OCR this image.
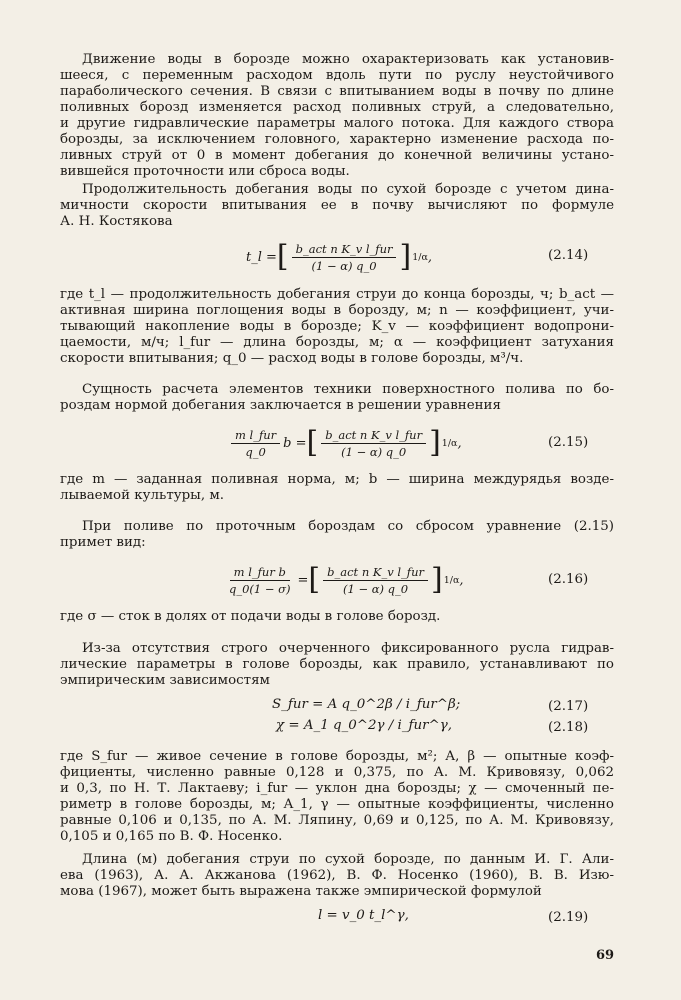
Движение воды в борозде можно охарактеризовать как установив-
шееся, с переменным расходом вдоль пути по руслу неустойчивого
параболического сечения. В связи с впитыванием воды в почву по длине
поливных борозд изменяется расход поливных струй, а следовательно,
и другие гидравлические параметры малого потока. Для каждого створа
борозды, за исключением головного, характерно изменение расхода по-
ливных струй от 0 в момент добегания до конечной величины устано-
вившейся проточности или сброса воды.
Продолжительность добегания воды по сухой борозде с учетом дина-
мичности скорости впитывания ее в почву вычисляют по формуле
А. Н. Костякова
t_l = [ $\frac{\text{b\_act n K\_v l\_fur}}{(1 - \alpha) q\_0}$ ] 1/α ,	(2.14)
где t_l — продолжительность добегания струи до конца борозды, ч; b_act —
активная ширина поглощения воды в борозду, м; n — коэффициент, учи-
тывающий накопление воды в борозде; K_v — коэффициент водопрони-
цаемости, м/ч; l_fur — длина борозды, м; α — коэффициент затухания
скорости впитывания; q_0 — расход воды в голове борозды, м³/ч.
Сущность расчета элементов техники поверхностного полива по бо-
роздам нормой добегания заключается в решении уравнения
$\frac{\text{m l\_fur}}{q\_0}$ b = [ $\frac{\text{b\_act n K\_v l\_fur}}{(1 - \alpha) q\_0}$ ] 1/α ,	(2.15)
где m — заданная поливная норма, м; b — ширина междурядья возде-
лываемой культуры, м.
При поливе по проточным бороздам со сбросом уравнение (2.15)
примет вид:
$\frac{\text{m l\_fur b}}{q\_0(1 - \sigma)}$ = [ $\frac{\text{b\_act n K\_v l\_fur}}{(1 - \alpha) q\_0}$ ] 1/α ,	(2.16)
где σ — сток в долях от подачи воды в голове борозд.
Из-за отсутствия строго очерченного фиксированного русла гидрав-
лические параметры в голове борозды, как правило, устанавливают по
эмпирическим зависимостям
S_fur = A q_0^2β / i_fur^β;	(2.17)
χ = A_1 q_0^2γ / i_fur^γ,	(2.18)
где S_fur — живое сечение в голове борозды, м²; A, β — опытные коэф-
фициенты, численно равные 0,128 и 0,375, по А. М. Кривовязу, 0,062
и 0,3, по Н. Т. Лактаеву; i_fur — уклон дна борозды; χ — смоченный пе-
риметр в голове борозды, м; A_1, γ — опытные коэффициенты, численно
равные 0,106 и 0,135, по А. М. Ляпину, 0,69 и 0,125, по А. М. Кривовязу,
0,105 и 0,165 по В. Ф. Носенко.
Длина (м) добегания струи по сухой борозде, по данным И. Г. Али-
ева (1963), А. А. Акжанова (1962), В. Ф. Носенко (1960), В. В. Изю-
мова (1967), может быть выражена также эмпирической формулой
l = v_0 t_l^γ,	(2.19)
69
